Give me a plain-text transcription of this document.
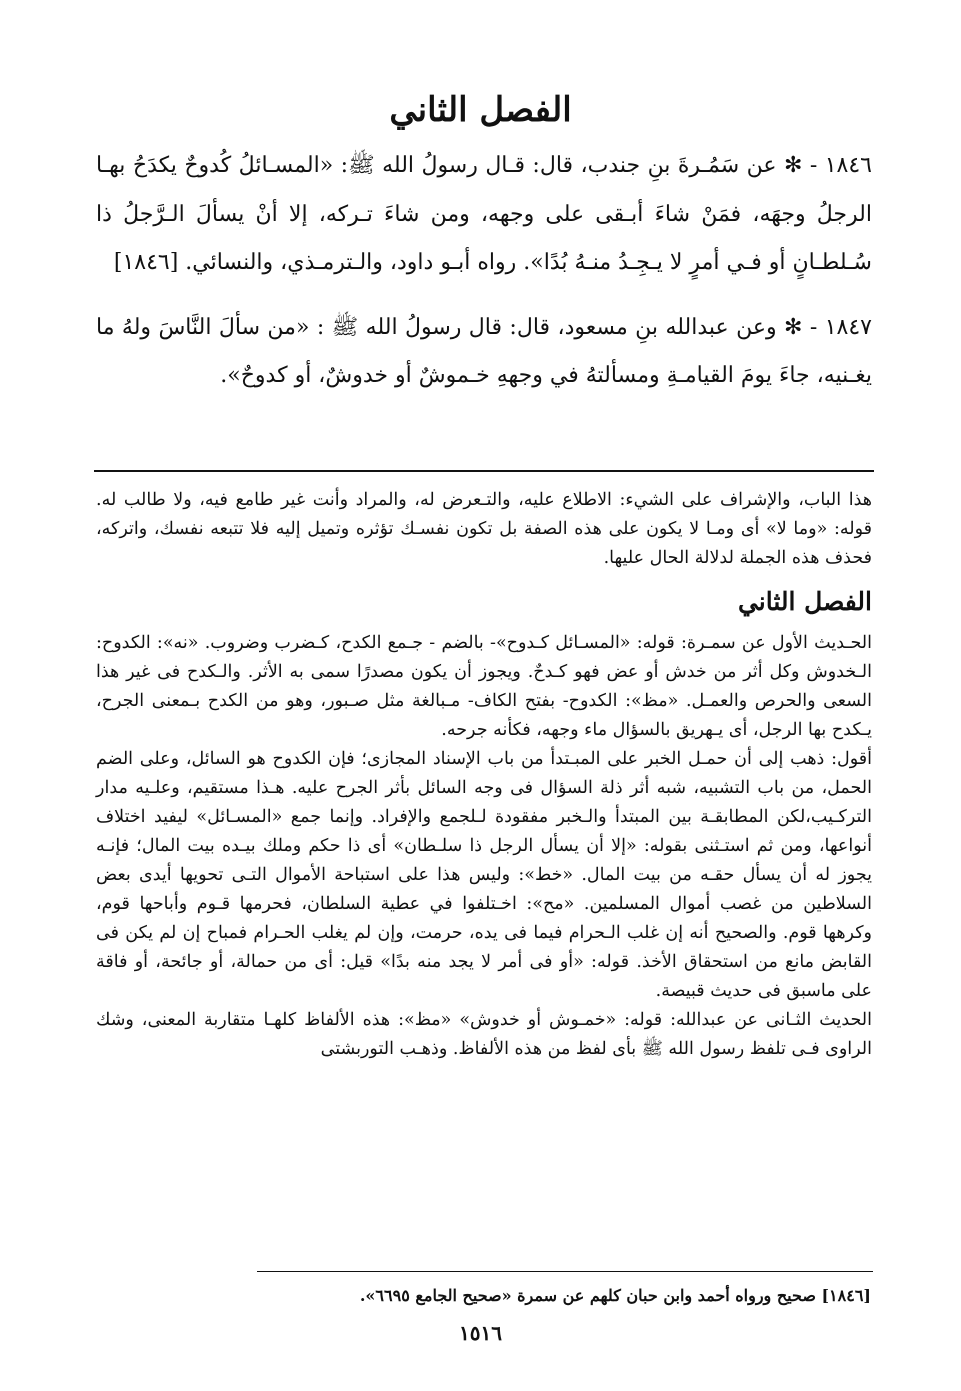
الفصل الثاني

١٨٤٦ - ✻ عن سَمُـرةَ بنِ جندب، قال: قـال رسولُ الله ﷺ: «المسـائلُ كُدوحٌ يكدَحُ بهـا الرجلُ وجهَه، فمَنْ شاءَ أبـقى على وجهه، ومن شاءَ تـركه، إلا أنْ يسألَ الـرَّجلُ ذا سُـلطـانٍ أو فـي أمرٍ لا يـجِـدُ منـهُ بُدًا». رواه أبـو داود، والـترمـذي، والنسائي. [١٨٤٦]

١٨٤٧ - ✻ وعن عبدالله بنِ مسعود، قال: قال رسولُ الله ﷺ : «من سألَ النَّاسَ ولهُ ما يغـنيه، جاءَ يومَ القيامـةِ ومسألتهُ في وجههِ خـموشٌ أو خدوشٌ، أو كدوحٌ».

هذا الباب، والإشراف على الشيء: الاطلاع عليه، والتـعرض له، والمراد وأنت غير طامع فيه، ولا طالب له. قوله: «وما لا» أى ومـا لا يكون على هذه الصفة بل تكون نفسـك تؤثره وتميل إليه فلا تتبعه نفسك، واتركه، فحذف هذه الجملة لدلالة الحال عليها.

الفصل الثاني

الحـديث الأول عن سمـرة: قوله: «المسـائل كـدوح»- بالضم - جـمع الكدح، كـضرب وضروب. «نه»: الكدوح: الـخدوش وكل أثر من خدش أو عض فهو كـدحٌ. ويجوز أن يكون مصدرًا سمى به الأثر. والـكدح فى غير هذا السعى والحرص والعمـل. «مظ»: الكدوح- بفتح الكاف- مـبالغة مثل صـبور، وهو من الكدح بـمعنى الجرح، يـكدح بها الرجل، أى يـهريق بالسؤال ماء وجهه، فكأنه جرحه.

أقول: ذهب إلى أن حمـل الخبر على المبـتدأ من باب الإسناد المجازى؛ فإن الكدوح هو السائل، وعلى الضم الحمل، من باب التشبيه، شبه أثر ذلة السؤال فى وجه السائل بأثر الجرح عليه. هـذا مستقيم، وعلـيه مدار التركـيب،لكن المطابقـة بين المبتدأ والـخبر مفقودة لـلجمع والإفراد. وإنما جمع «المسـائل» ليفيد اختلاف أنواعها، ومن ثم استـثنى بقوله: «إلا أن يسأل الرجل ذا سلـطان» أى ذا حكم وملك بيـده بيت المال؛ فإنـه يجوز له أن يسأل حقـه من بيت المال. «خط»: وليس هذا على استباحة الأموال التـى تحويها أيدى بعض السلاطين من غصب أموال المسلمين. «مح»: اخـتلفوا في عطية السلطان، فحرمها قـوم وأباحها قوم، وكرهها قوم. والصحيح أنه إن غلب الـحرام فيما فى يده، حرمت، وإن لم يغلب الحـرام فمباح إن لم يكن فى القابض مانع من استحقاق الأخذ. قوله: «أو فى أمر لا يجد منه بدًا» قيل: أى من حمالة، أو جائحة، أو فاقة على ماسبق فى حديث قبيصة.

الحديث الثـانى عن عبدالله: قوله: «خمـوش أو خدوش» «مظ»: هذه الألفاظ كلهـا متقاربة المعنى، وشك الراوى فـى تلفظ رسول الله ﷺ بأى لفظ من هذه الألفاظ. وذهـب التوربشتى

[١٨٤٦] صحيح ورواه أحمد وابن حبان كلهم عن سمرة «صحيح الجامع ٦٦٩٥».

١٥١٦
